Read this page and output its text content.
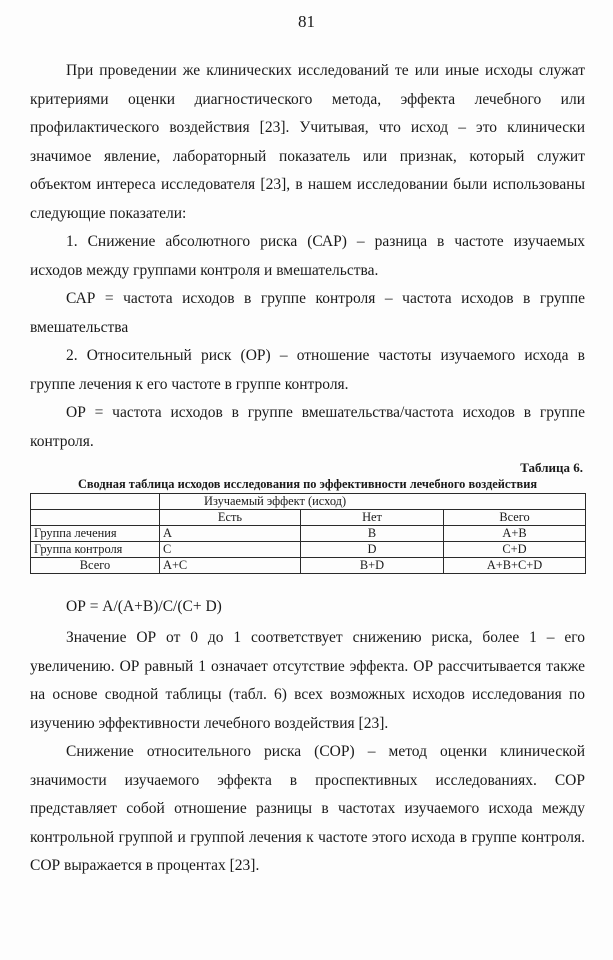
81

При проведении же клинических исследований те или иные исходы служат критериями оценки диагностического метода, эффекта лечебного или профилактического воздействия [23]. Учитывая, что исход – это клинически значимое явление, лабораторный показатель или признак, который служит объектом интереса исследователя [23], в нашем исследовании были использованы следующие показатели:

1. Снижение абсолютного риска (САР) – разница в частоте изучаемых исходов между группами контроля и вмешательства.

САР = частота исходов в группе контроля – частота исходов в группе вмешательства

2. Относительный риск (ОР) – отношение частоты изучаемого исхода в группе лечения к его частоте в группе контроля.

ОР = частота исходов в группе вмешательства/частота исходов в группе контроля.

Таблица 6.
Сводная таблица исходов исследования по эффективности лечебного воздействия
	Изучаемый эффект (исход)		
	Есть	Нет	Всего
Группа лечения	A	B	A+B
Группа контроля	C	D	C+D
Всего	A+C	B+D	A+B+C+D
ОР = A/(A+B)/C/(C+ D)

Значение ОР от 0 до 1 соответствует снижению риска, более 1 – его увеличению. ОР равный 1 означает отсутствие эффекта. ОР рассчитывается также на основе сводной таблицы (табл. 6) всех возможных исходов исследования по изучению эффективности лечебного воздействия [23].

Снижение относительного риска (СОР) – метод оценки клинической значимости изучаемого эффекта в проспективных исследованиях. СОР представляет собой отношение разницы в частотах изучаемого исхода между контрольной группой и группой лечения к частоте этого исхода в группе контроля. СОР выражается в процентах [23].
